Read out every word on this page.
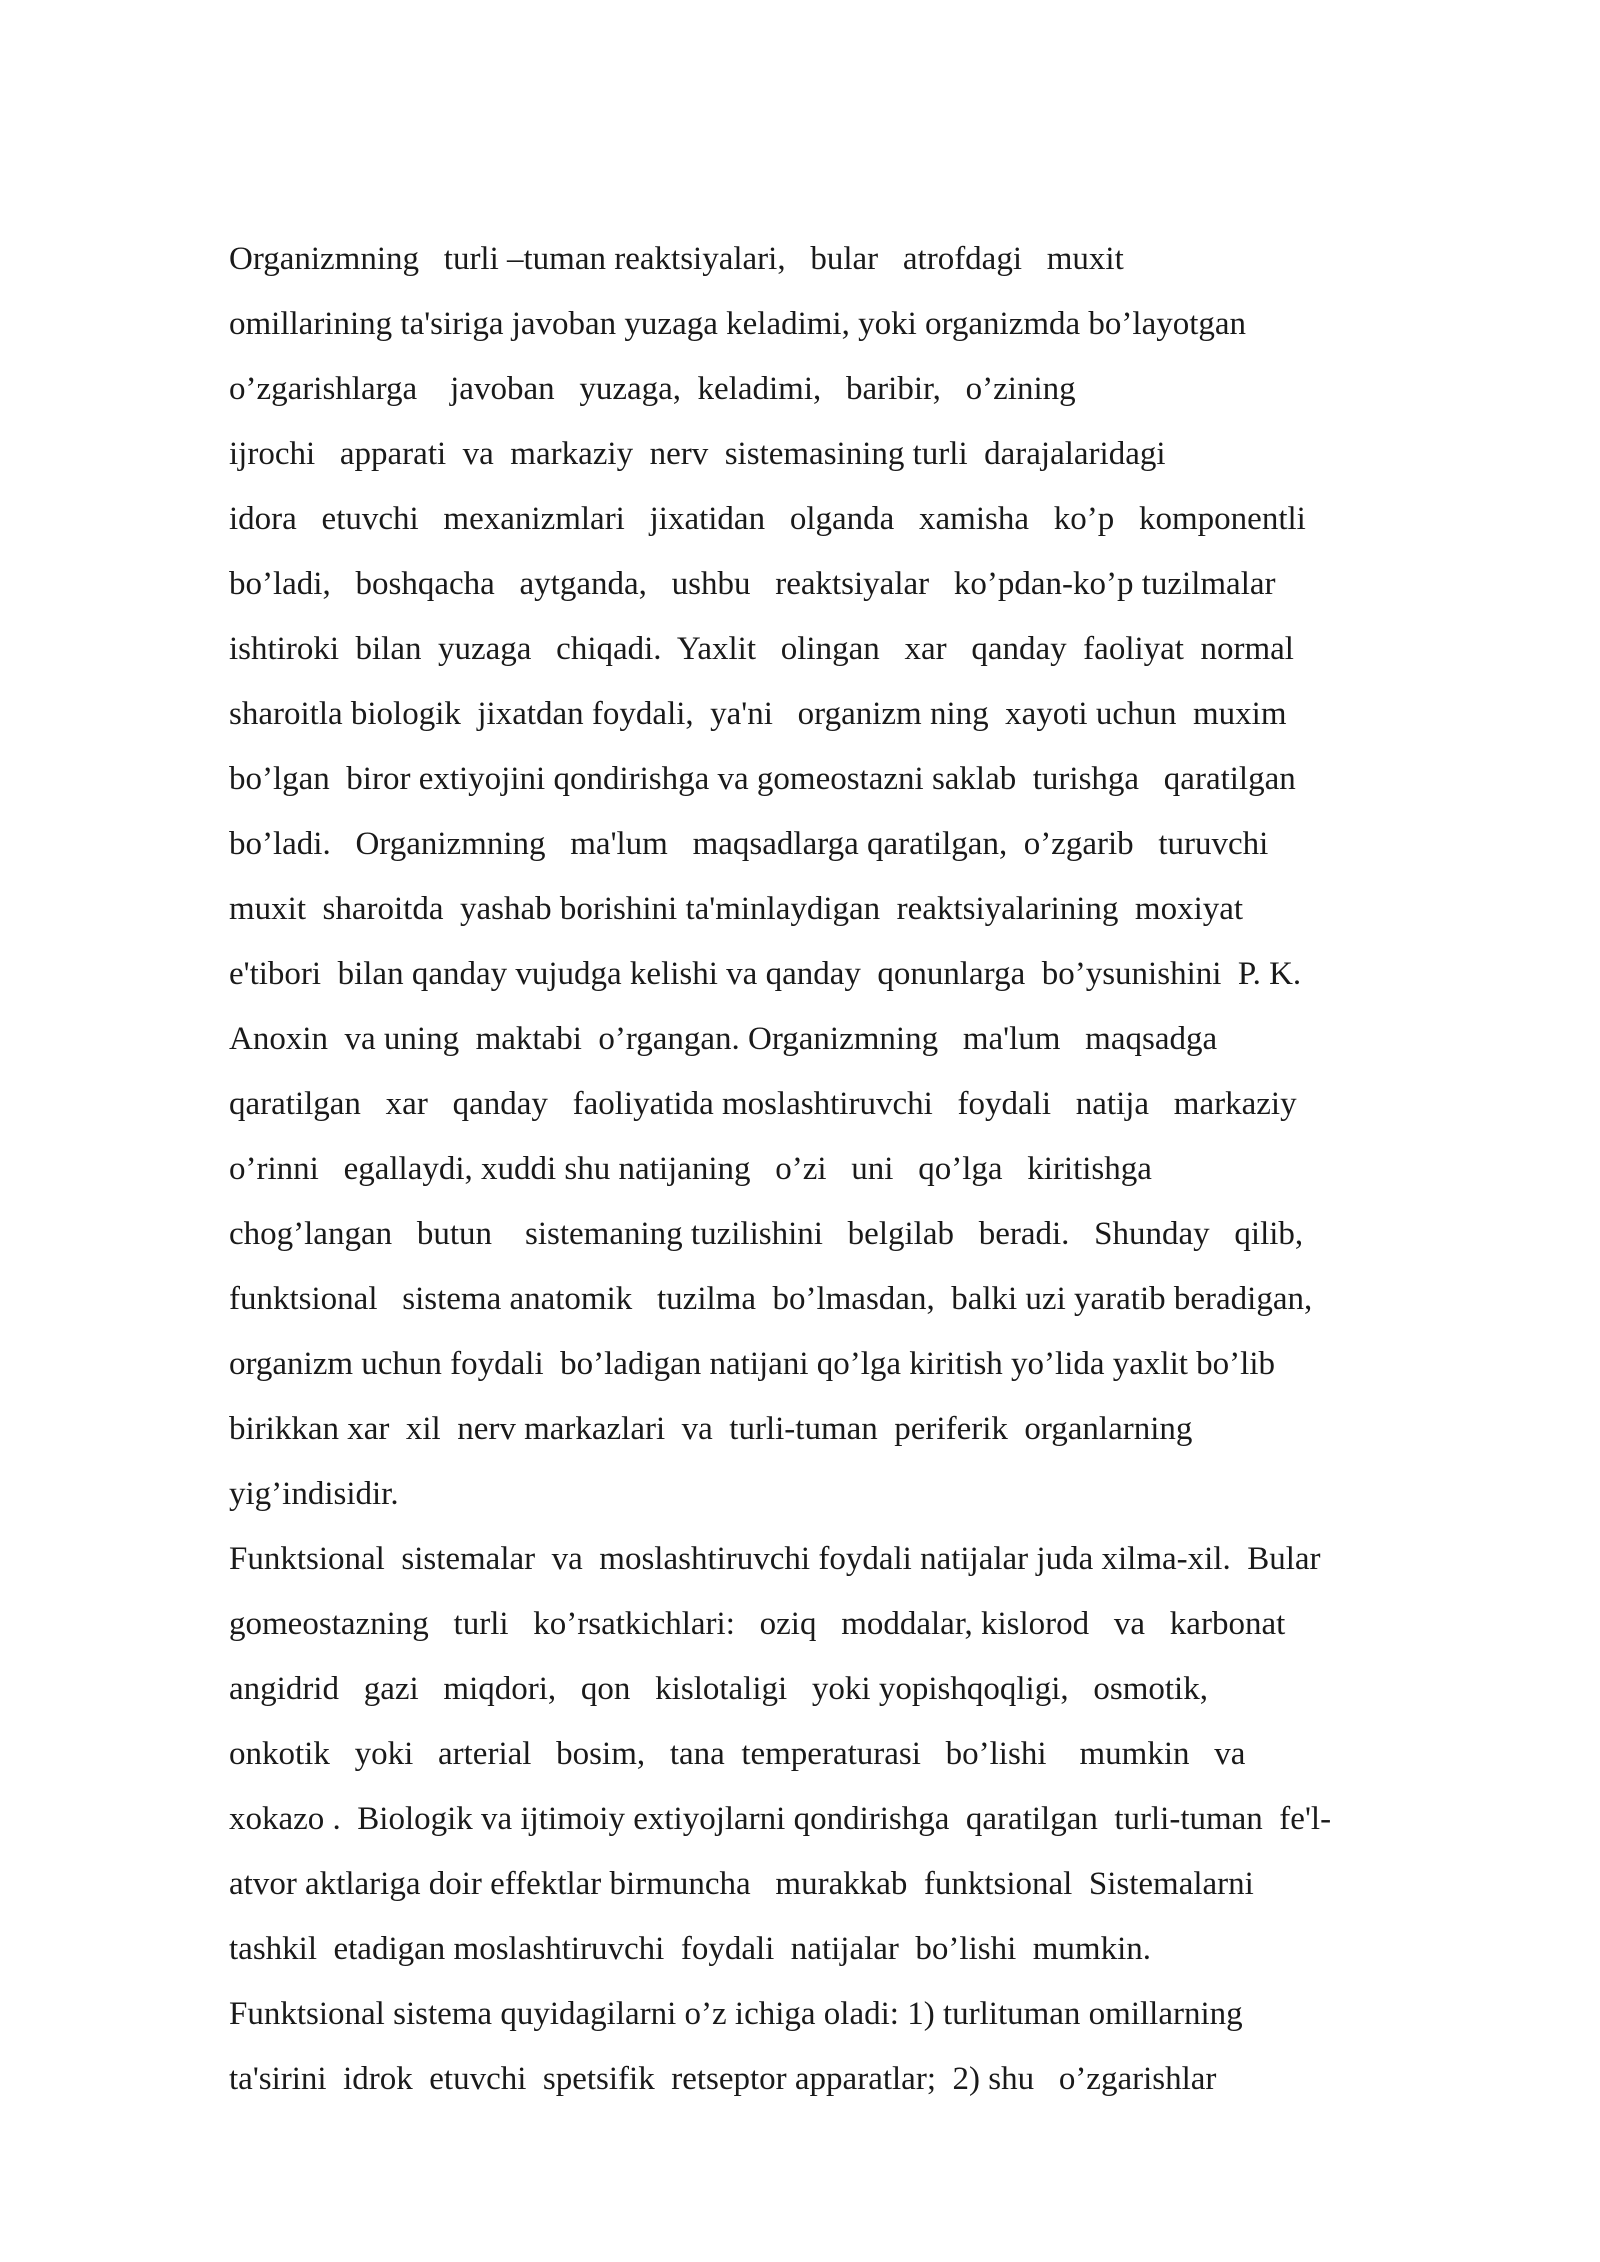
Organizmning   turli –tuman reaktsiyalari,   bular   atrofdagi   muxit
omillarining ta'siriga javoban yuzaga keladimi, yoki organizmda bo’layotgan
o’zgarishlarga    javoban   yuzaga,  keladimi,   baribir,   o’zining
ijrochi   apparati  va  markaziy  nerv  sistemasining turli  darajalaridagi
idora   etuvchi   mexanizmlari   jixatidan   olganda   xamisha   ko’p   komponentli
bo’ladi,   boshqacha   aytganda,   ushbu   reaktsiyalar   ko’pdan-ko’p tuzilmalar
ishtiroki  bilan  yuzaga   chiqadi.  Yaxlit   olingan   xar   qanday  faoliyat  normal
sharoitla biologik  jixatdan foydali,  ya'ni   organizm ning  xayoti uchun  muxim
bo’lgan  biror extiyojini qondirishga va gomeostazni saklab  turishga   qaratilgan
bo’ladi.   Organizmning   ma'lum   maqsadlarga qaratilgan,  o’zgarib   turuvchi
muxit  sharoitda  yashab borishini ta'minlaydigan  reaktsiyalarining  moxiyat
e'tibori  bilan qanday vujudga kelishi va qanday  qonunlarga  bo’ysunishini  P. K.
Anoxin  va uning  maktabi  o’rgangan. Organizmning   ma'lum   maqsadga
qaratilgan   xar   qanday   faoliyatida moslashtiruvchi   foydali   natija   markaziy
o’rinni   egallaydi, xuddi shu natijaning   o’zi   uni   qo’lga   kiritishga
chog’langan   butun    sistemaning tuzilishini   belgilab   beradi.   Shunday   qilib,
funktsional   sistema anatomik   tuzilma  bo’lmasdan,  balki uzi yaratib beradigan,
organizm uchun foydali  bo’ladigan natijani qo’lga kiritish yo’lida yaxlit bo’lib
birikkan xar  xil  nerv markazlari  va  turli-tuman  periferik  organlarning
yig’indisidir.
Funktsional  sistemalar  va  moslashtiruvchi foydali natijalar juda xilma-xil.  Bular
gomeostazning   turli   ko’rsatkichlari:   oziq   moddalar, kislorod   va   karbonat
angidrid   gazi   miqdori,   qon   kislotaligi   yoki yopishqoqligi,   osmotik,
onkotik   yoki   arterial   bosim,   tana  temperaturasi   bo’lishi    mumkin   va
xokazo .  Biologik va ijtimoiy extiyojlarni qondirishga  qaratilgan  turli-tuman  fe'l-
atvor aktlariga doir effektlar birmuncha   murakkab  funktsional  Sistemalarni
tashkil  etadigan moslashtiruvchi  foydali  natijalar  bo’lishi  mumkin.
Funktsional sistema quyidagilarni o’z ichiga oladi: 1) turlituman omillarning
ta'sirini  idrok  etuvchi  spetsifik  retseptor apparatlar;  2) shu   o’zgarishlar
